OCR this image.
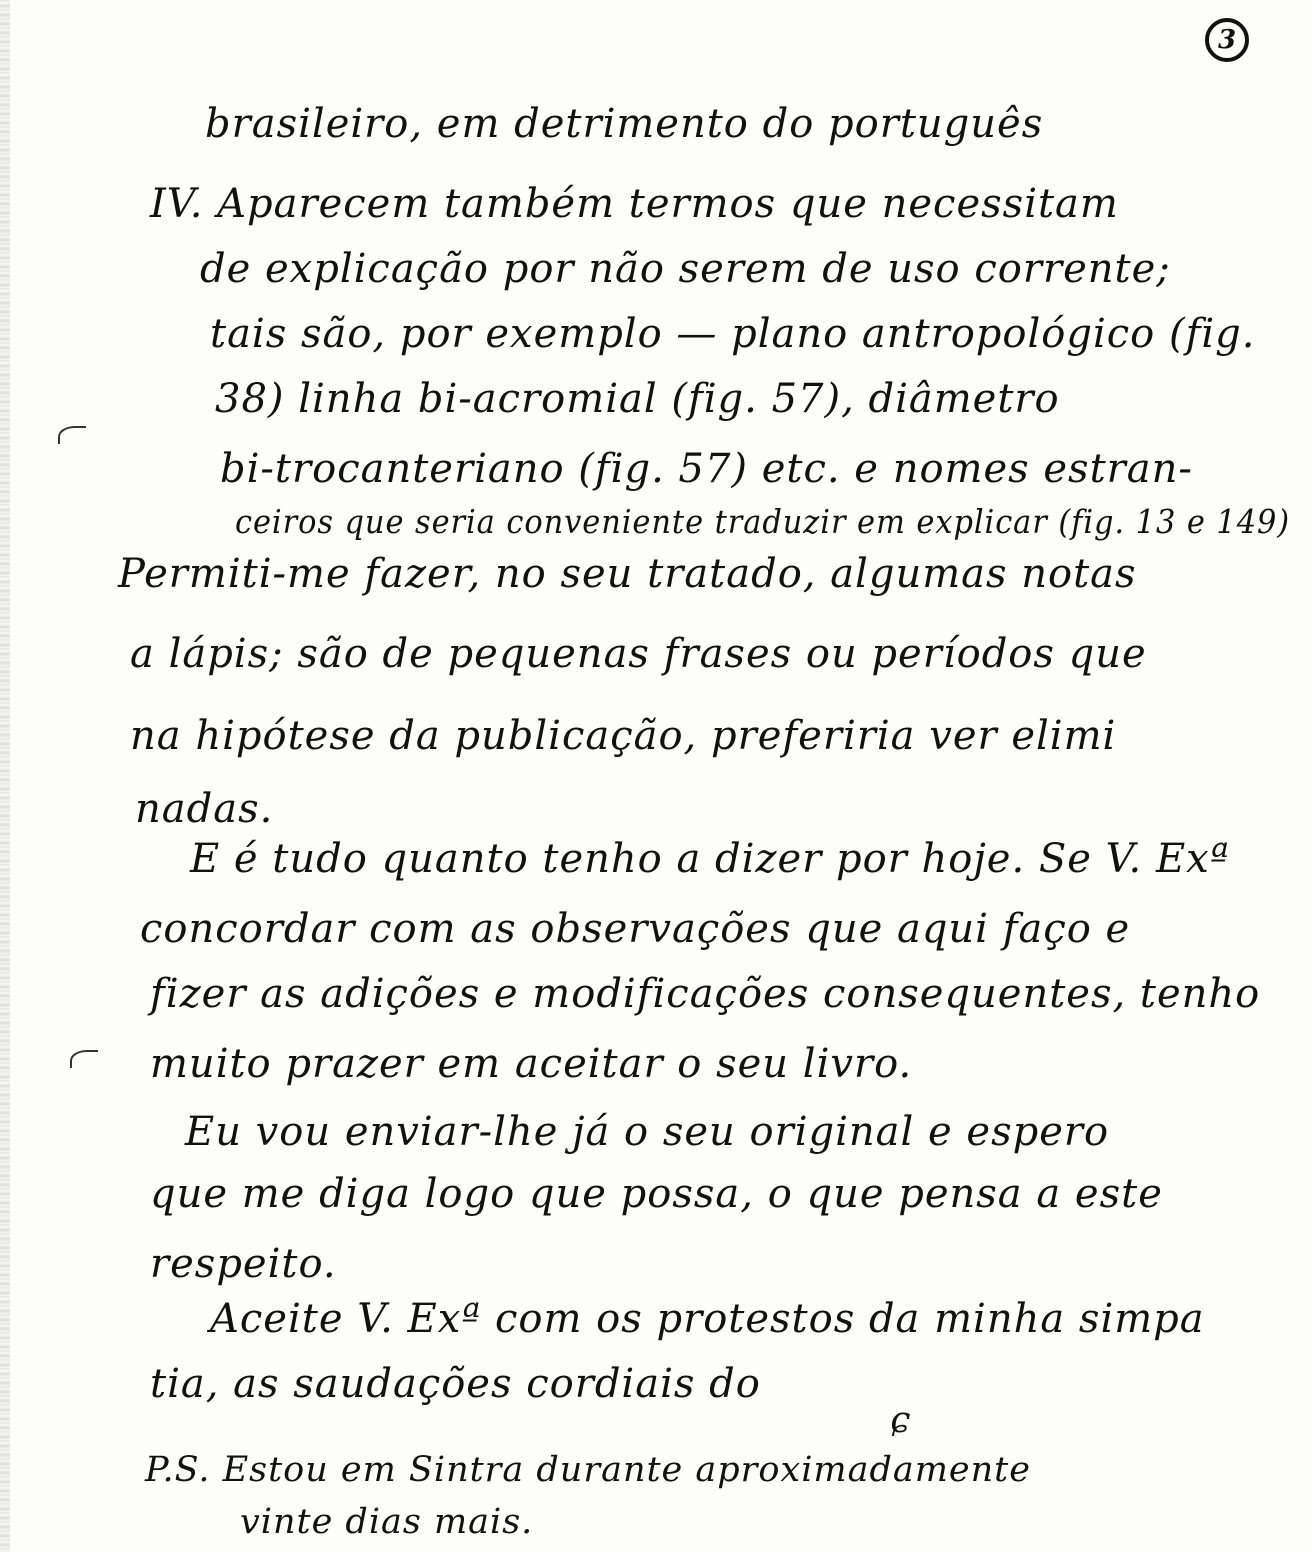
3
brasileiro, em detrimento do português
IV. Aparecem também termos que necessitam
de explicação por não serem de uso corrente;
tais são, por exemplo — plano antropológico (fig.
38) linha bi-acromial (fig. 57), diâmetro
bi-trocanteriano (fig. 57) etc. e nomes estran-
ceiros que seria conveniente traduzir em explicar (fig. 13 e 149)
Permiti-me fazer, no seu tratado, algumas notas
a lápis; são de pequenas frases ou períodos que
na hipótese da publicação, preferiria ver elimi
nadas.
E é tudo quanto tenho a dizer por hoje. Se V. Exª
concordar com as observações que aqui faço e
fizer as adições e modificações consequentes, tenho
muito prazer em aceitar o seu livro.
Eu vou enviar-lhe já o seu original e espero
que me diga logo que possa, o que pensa a este
respeito.
Aceite V. Exª com os protestos da minha simpa
tia, as saudações cordiais do
ɕ
P.S. Estou em Sintra durante aproximadamente
vinte dias mais.
